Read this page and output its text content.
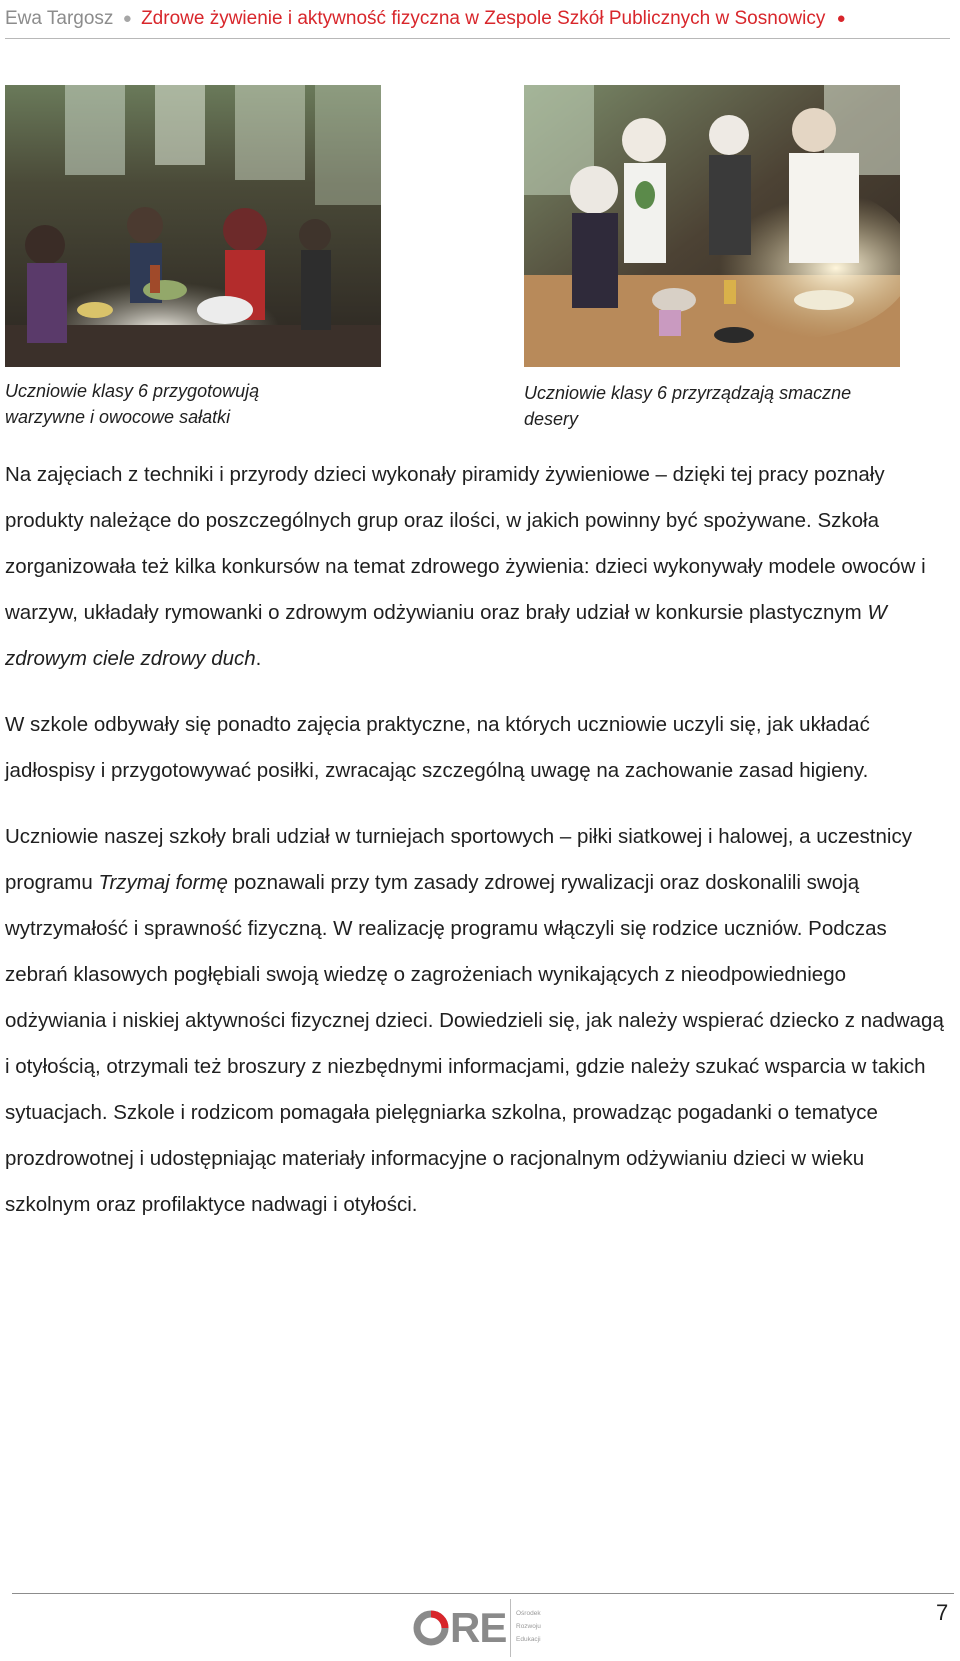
Ewa Targosz ● Zdrowe żywienie i aktywność fizyczna w Zespole Szkół Publicznych w Sosnowicy ●
Uczniowie klasy 6 przygotowują warzywne i owocowe sałatki
Uczniowie klasy 6 przyrządzają smaczne desery

Na zajęciach z techniki i przyrody dzieci wykonały piramidy żywieniowe – dzięki tej pracy poznały produkty należące do poszczególnych grup oraz ilości, w jakich powinny być spożywane. Szkoła zorganizowała też kilka konkursów na temat zdrowego żywienia: dzieci wykonywały modele owoców i warzyw, układały rymowanki o zdrowym odżywianiu oraz brały udział w konkursie plastycznym W zdrowym ciele zdrowy duch.

W szkole odbywały się ponadto zajęcia praktyczne, na których uczniowie uczyli się, jak układać jadłospisy i przygotowywać posiłki, zwracając szczególną uwagę na zachowanie zasad higieny.

Uczniowie naszej szkoły brali udział w turniejach sportowych – piłki siatkowej i halowej, a uczestnicy programu Trzymaj formę poznawali przy tym zasady zdrowej rywalizacji oraz doskonalili swoją wytrzymałość i sprawność fizyczną. W realizację programu włączyli się rodzice uczniów. Podczas zebrań klasowych pogłębiali swoją wiedzę o zagrożeniach wynikających z nieodpowiedniego odżywiania i niskiej aktywności fizycznej dzieci. Dowiedzieli się, jak należy wspierać dziecko z nadwagą i otyłością, otrzymali też broszury z niezbędnymi informacjami, gdzie należy szukać wsparcia w takich sytuacjach. Szkole i rodzicom pomagała pielęgniarka szkolna, prowadząc pogadanki o tematyce prozdrowotnej i udostępniając materiały informacyjne o racjonalnym odżywianiu dzieci w wieku szkolnym oraz profilaktyce nadwagi i otyłości.

RE Ośrodek
Rozwoju
Edukacji
7
